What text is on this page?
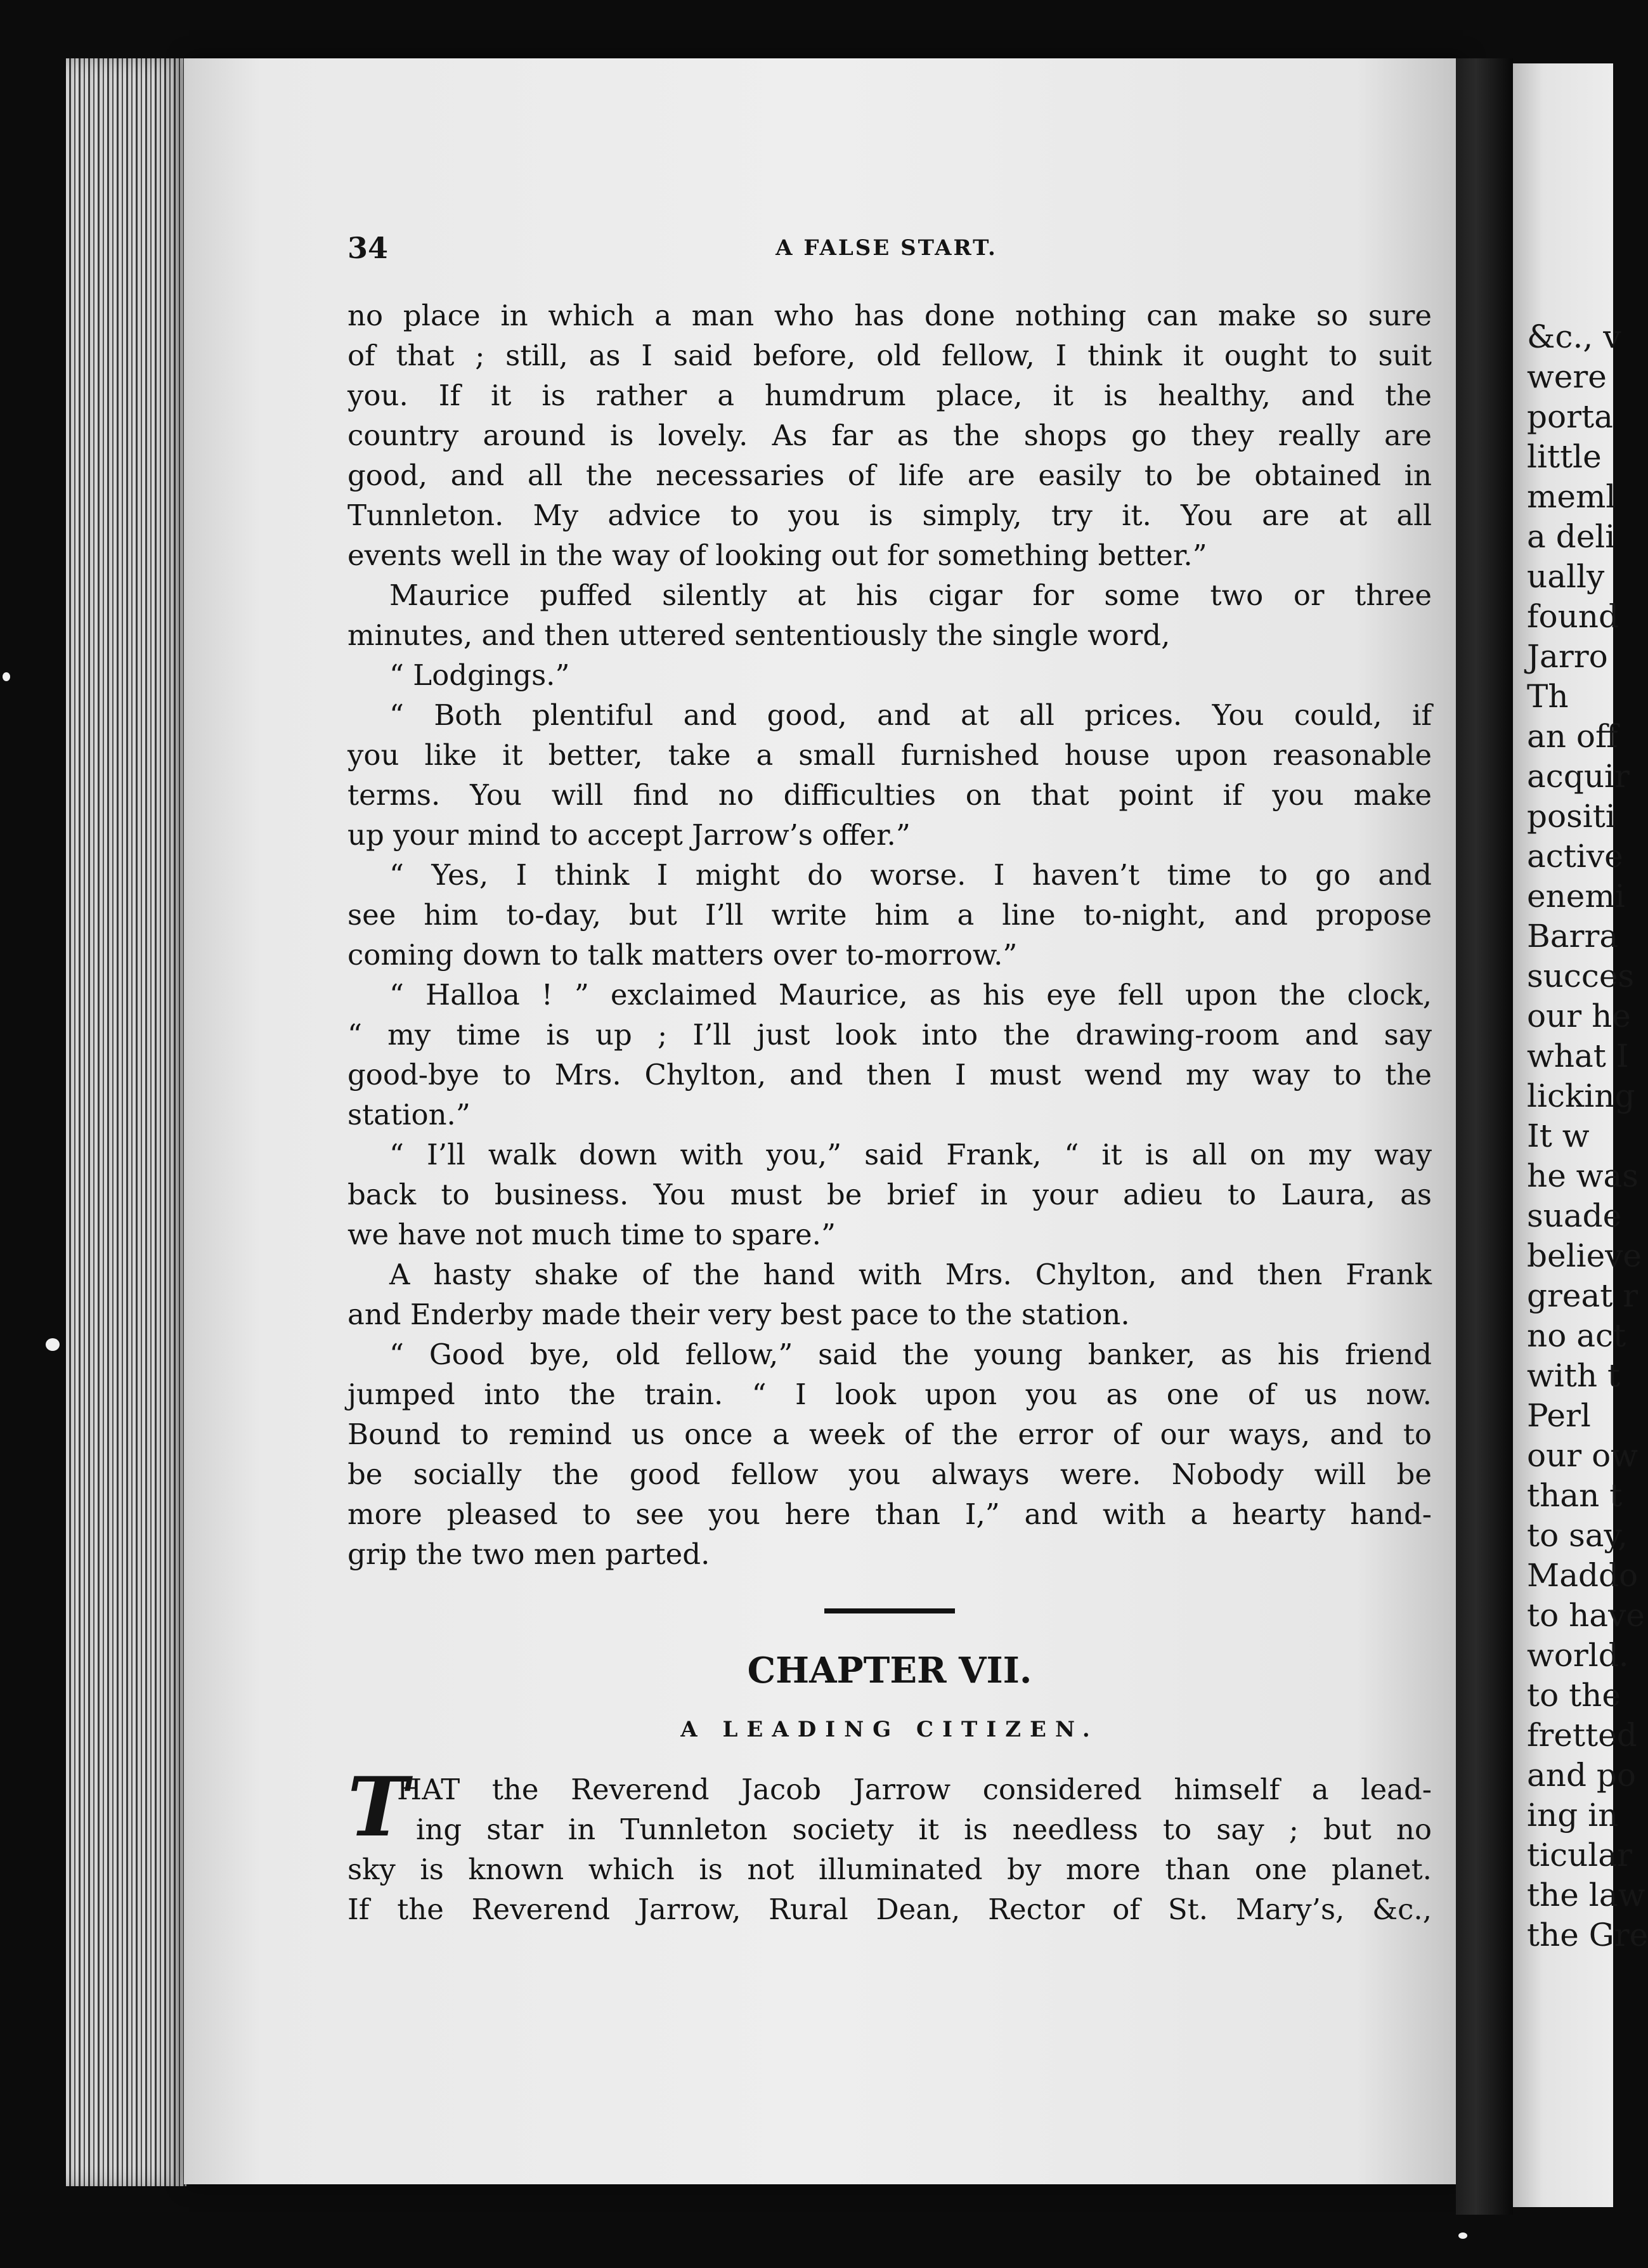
&c., v
were
porta
little
meml
a deli
ually
found
Jarro
Th
an off
acquir
positi
active
enemi
Barra
succes
our he
what I
licking
It w
he was
suade
believe
great r
no act
with t
Perl
our ow
than t
to say,
Maddo
to have
world.
to the
fretted
and po
ing in
ticular
the law
the Gre
34	A FALSE START.
no place in which a man who has done nothing can make so sure
of that ; still, as I said before, old fellow, I think it ought to suit
you. If it is rather a humdrum place, it is healthy, and the
country around is lovely. As far as the shops go they really are
good, and all the necessaries of life are easily to be obtained in
Tunnleton. My advice to you is simply, try it. You are at all
events well in the way of looking out for something better.”
Maurice puffed silently at his cigar for some two or three
minutes, and then uttered sententiously the single word,
“ Lodgings.”
“ Both plentiful and good, and at all prices. You could, if
you like it better, take a small furnished house upon reasonable
terms. You will find no difficulties on that point if you make
up your mind to accept Jarrow’s offer.”
“ Yes, I think I might do worse. I haven’t time to go and
see him to-day, but I’ll write him a line to-night, and propose
coming down to talk matters over to-morrow.”
“ Halloa ! ” exclaimed Maurice, as his eye fell upon the clock,
“ my time is up ; I’ll just look into the drawing-room and say
good-bye to Mrs. Chylton, and then I must wend my way to the
station.”
“ I’ll walk down with you,” said Frank, “ it is all on my way
back to business. You must be brief in your adieu to Laura, as
we have not much time to spare.”
A hasty shake of the hand with Mrs. Chylton, and then Frank
and Enderby made their very best pace to the station.
“ Good bye, old fellow,” said the young banker, as his friend
jumped into the train. “ I look upon you as one of us now.
Bound to remind us once a week of the error of our ways, and to
be socially the good fellow you always were. Nobody will be
more pleased to see you here than I,” and with a hearty hand-
grip the two men parted.
CHAPTER VII.
A LEADING CITIZEN.
T
HAT the Reverend Jacob Jarrow considered himself a lead-
ing star in Tunnleton society it is needless to say ; but no
sky is known which is not illuminated by more than one planet.
If the Reverend Jarrow, Rural Dean, Rector of St. Mary’s, &c.,
